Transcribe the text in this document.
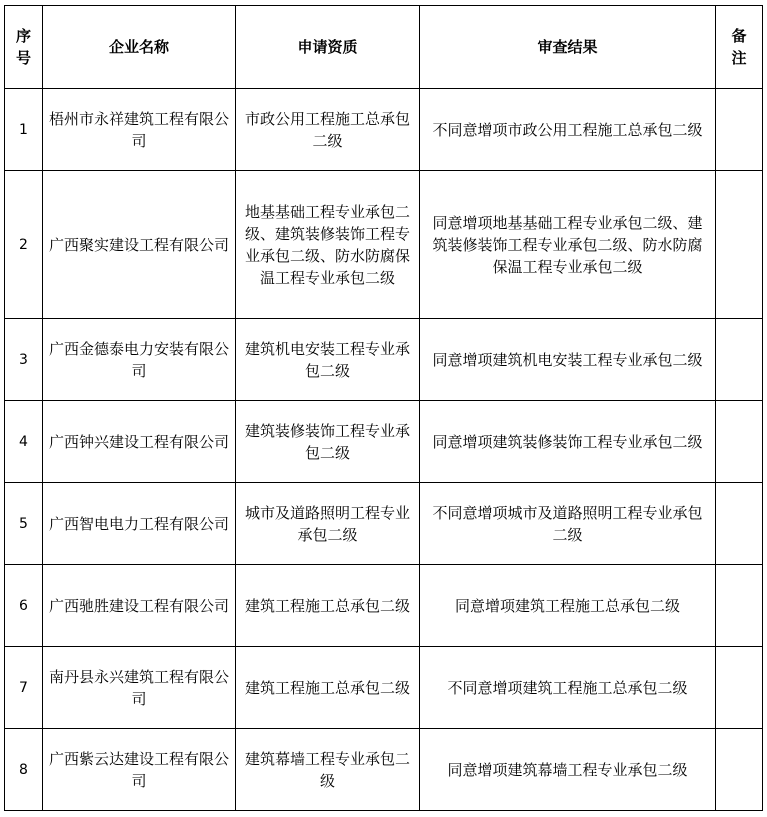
序号	企业名称	申请资质	审查结果	备注

1	梧州市永祥建筑工程有限公司	市政公用工程施工总承包二级	不同意增项市政公用工程施工总承包二级	
2	广西聚实建设工程有限公司	地基基础工程专业承包二级、建筑装修装饰工程专业承包二级、防水防腐保温工程专业承包二级	同意增项地基基础工程专业承包二级、建筑装修装饰工程专业承包二级、防水防腐保温工程专业承包二级	
3	广西金德泰电力安装有限公司	建筑机电安装工程专业承包二级	同意增项建筑机电安装工程专业承包二级	
4	广西钟兴建设工程有限公司	建筑装修装饰工程专业承包二级	同意增项建筑装修装饰工程专业承包二级	
5	广西智电电力工程有限公司	城市及道路照明工程专业承包二级	不同意增项城市及道路照明工程专业承包二级	
6	广西驰胜建设工程有限公司	建筑工程施工总承包二级	同意增项建筑工程施工总承包二级	
7	南丹县永兴建筑工程有限公司	建筑工程施工总承包二级	不同意增项建筑工程施工总承包二级	
8	广西紫云达建设工程有限公司	建筑幕墙工程专业承包二级	同意增项建筑幕墙工程专业承包二级	
